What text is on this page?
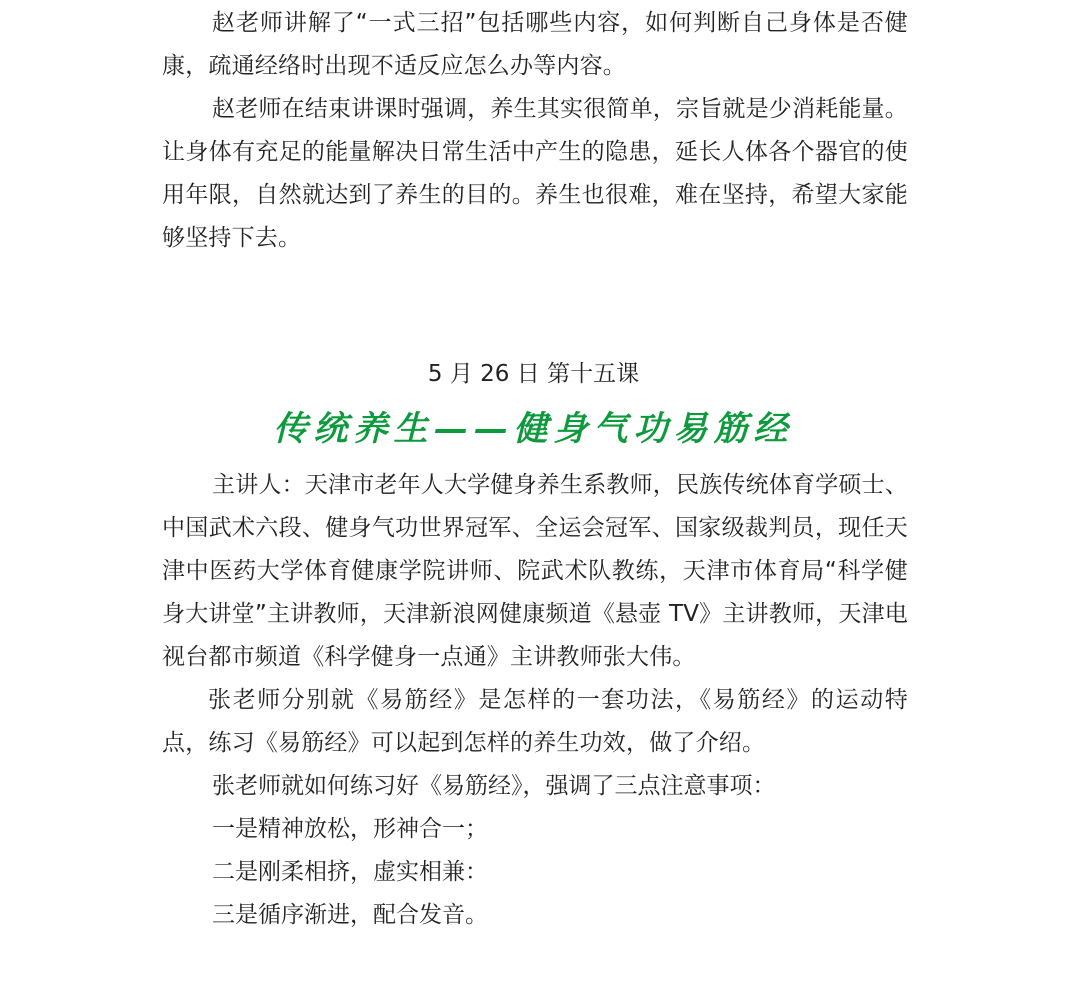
赵老师讲解了“一式三招”包括哪些内容，如何判断自己身体是否健康，疏通经络时出现不适反应怎么办等内容。

赵老师在结束讲课时强调，养生其实很简单，宗旨就是少消耗能量。让身体有充足的能量解决日常生活中产生的隐患，延长人体各个器官的使用年限，自然就达到了养生的目的。养生也很难，难在坚持，希望大家能够坚持下去。

5 月 26 日 第十五课

传统养生——健身气功易筋经

主讲人：天津市老年人大学健身养生系教师，民族传统体育学硕士、中国武术六段、健身气功世界冠军、全运会冠军、国家级裁判员，现任天津中医药大学体育健康学院讲师、院武术队教练，天津市体育局“科学健身大讲堂”主讲教师，天津新浪网健康频道《悬壶 TV》主讲教师，天津电视台都市频道《科学健身一点通》主讲教师张大伟。

张老师分别就《易筋经》是怎样的一套功法，《易筋经》的运动特点，练习《易筋经》可以起到怎样的养生功效，做了介绍。

张老师就如何练习好《易筋经》，强调了三点注意事项：

一是精神放松，形神合一；

二是刚柔相挤，虚实相兼：

三是循序渐进，配合发音。
